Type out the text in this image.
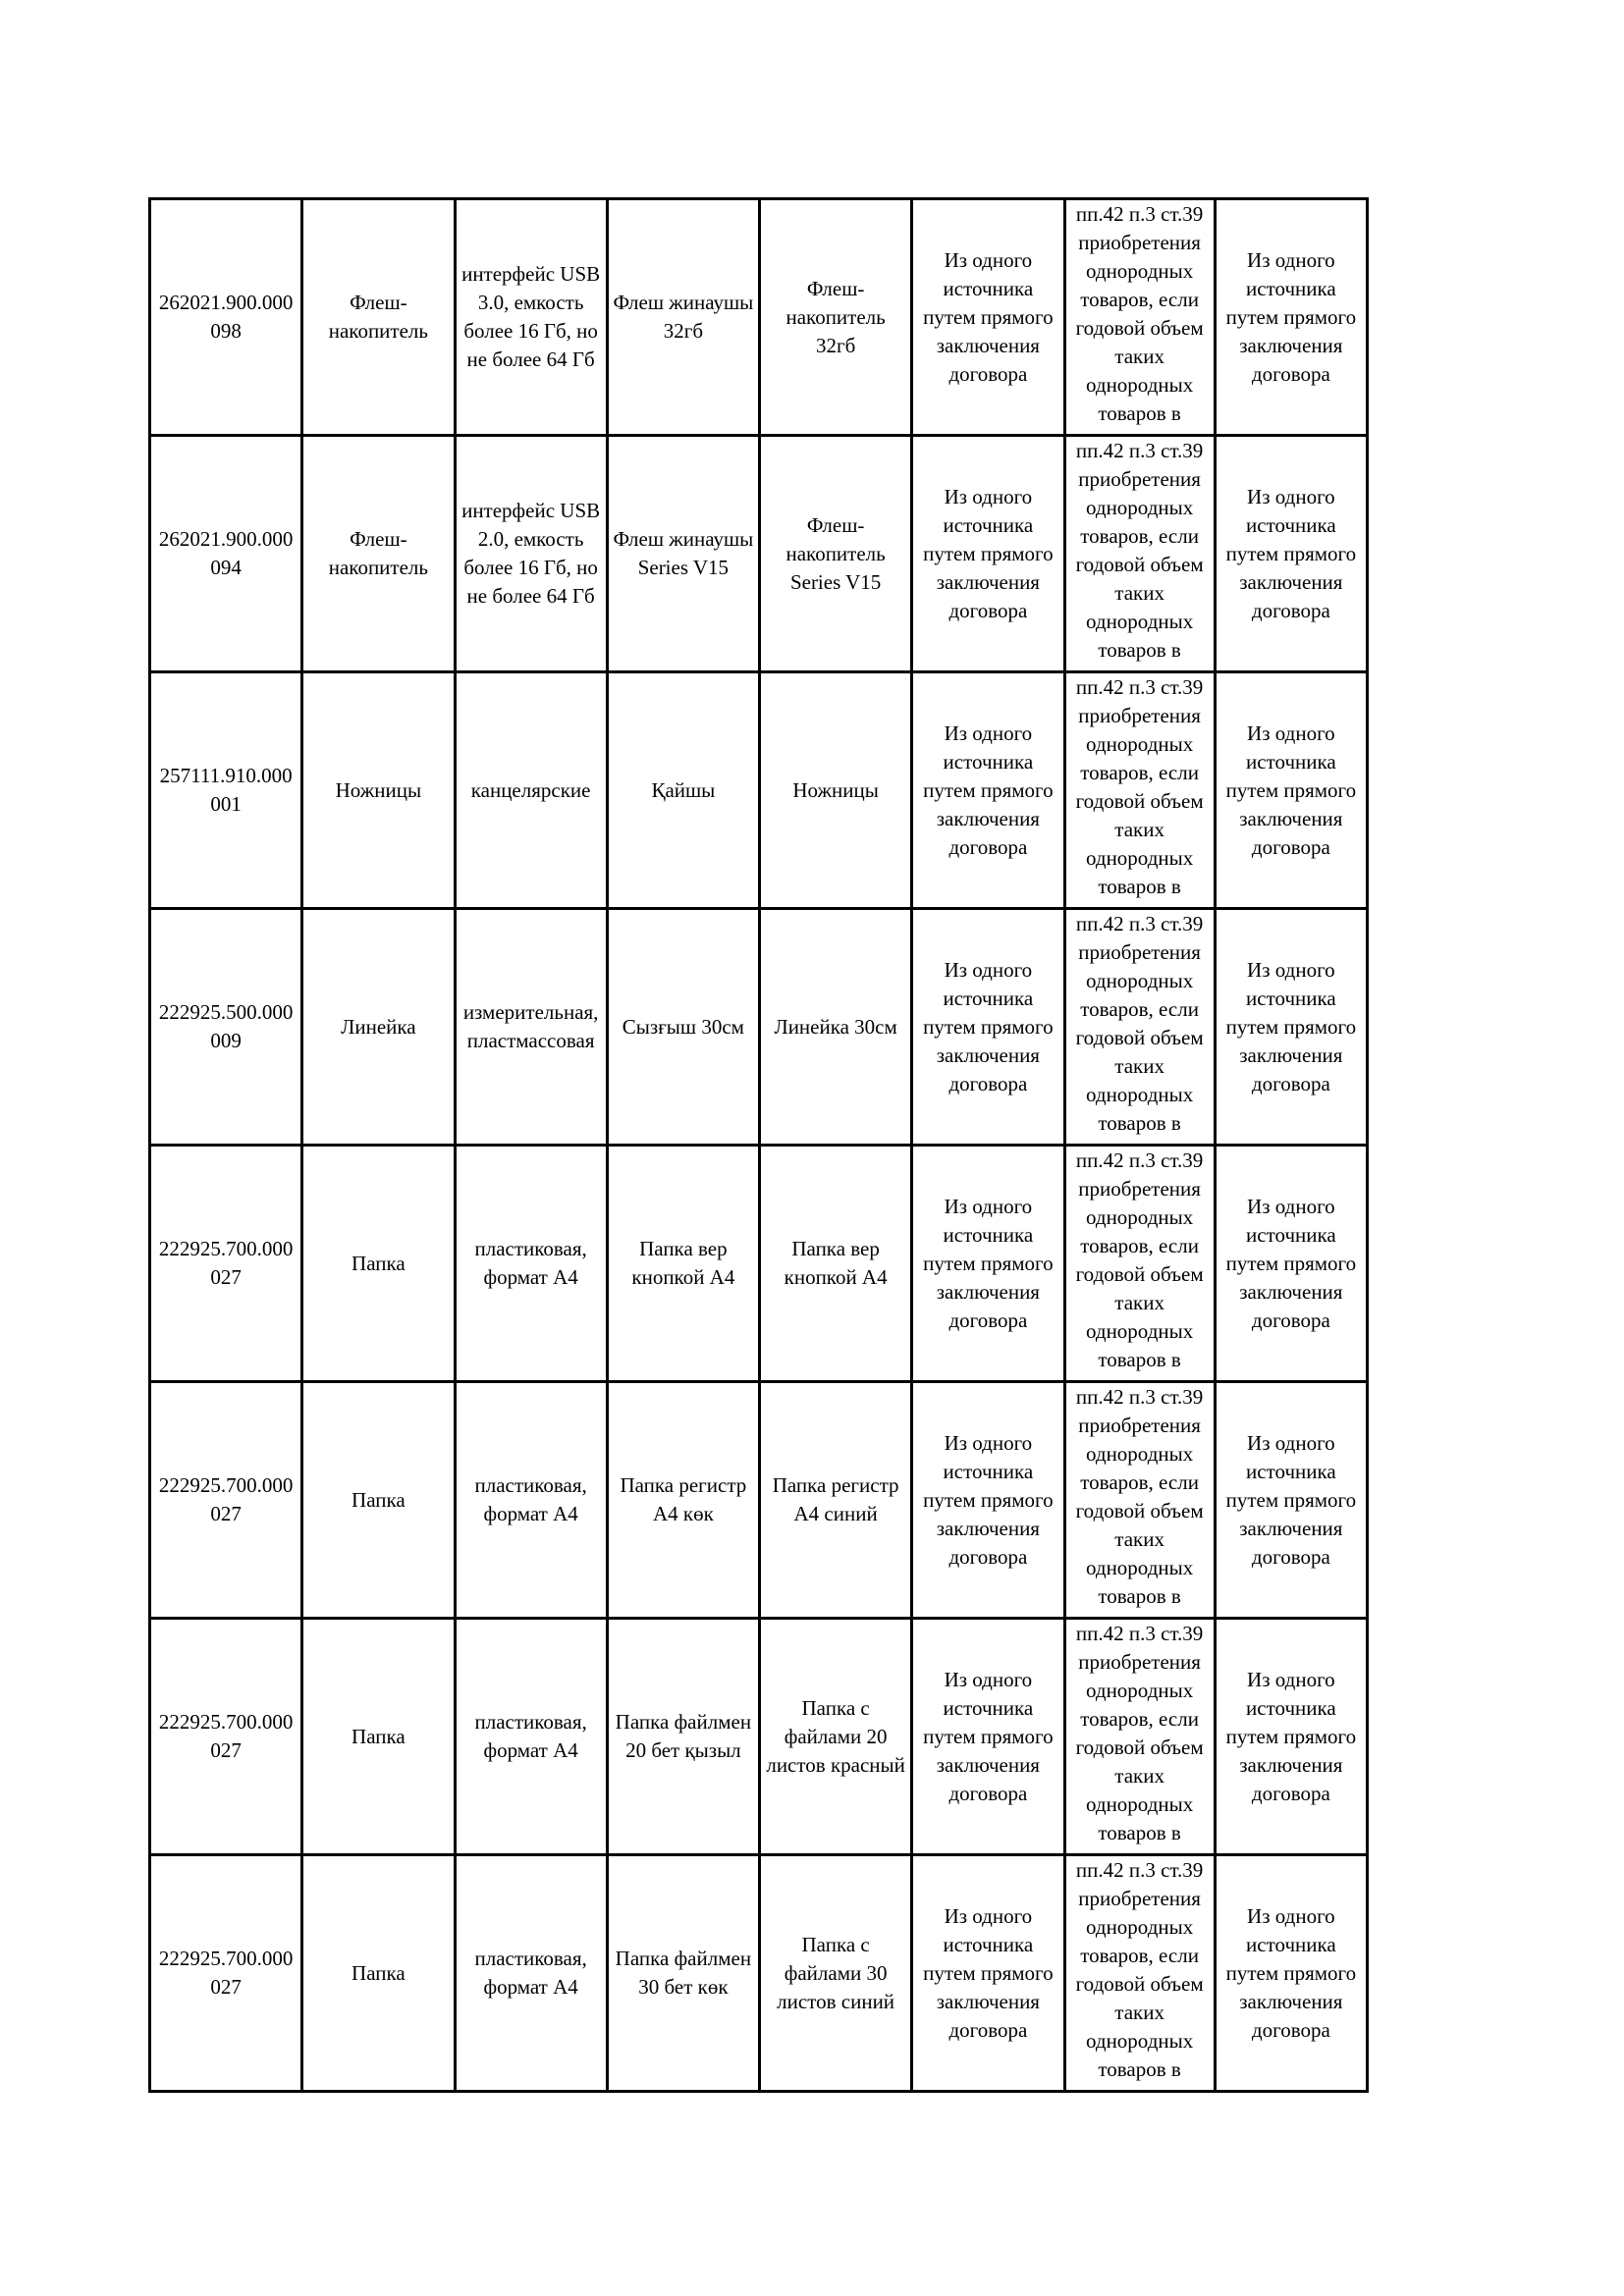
262021.900.000098	Флеш-накопитель	интерфейс USB 3.0, емкость более 16 Гб, но не более 64 Гб	Флеш жинаушы 32гб	Флеш-накопитель 32гб	Из одного источника путем прямого заключения договора	пп.42 п.3 ст.39 приобретения однородных товаров, если годовой объем таких однородных товаров в	Из одного источника путем прямого заключения договора
262021.900.000094	Флеш-накопитель	интерфейс USB 2.0, емкость более 16 Гб, но не более 64 Гб	Флеш жинаушы Series V15	Флеш-накопитель Series V15	Из одного источника путем прямого заключения договора	пп.42 п.3 ст.39 приобретения однородных товаров, если годовой объем таких однородных товаров в	Из одного источника путем прямого заключения договора
257111.910.000001	Ножницы	канцелярские	Қайшы	Ножницы	Из одного источника путем прямого заключения договора	пп.42 п.3 ст.39 приобретения однородных товаров, если годовой объем таких однородных товаров в	Из одного источника путем прямого заключения договора
222925.500.000009	Линейка	измерительная, пластмассовая	Сызғыш 30см	Линейка 30см	Из одного источника путем прямого заключения договора	пп.42 п.3 ст.39 приобретения однородных товаров, если годовой объем таких однородных товаров в	Из одного источника путем прямого заключения договора
222925.700.000027	Папка	пластиковая, формат А4	Папка вер кнопкой А4	Папка вер кнопкой А4	Из одного источника путем прямого заключения договора	пп.42 п.3 ст.39 приобретения однородных товаров, если годовой объем таких однородных товаров в	Из одного источника путем прямого заключения договора
222925.700.000027	Папка	пластиковая, формат А4	Папка регистр А4 көк	Папка регистр А4 синий	Из одного источника путем прямого заключения договора	пп.42 п.3 ст.39 приобретения однородных товаров, если годовой объем таких однородных товаров в	Из одного источника путем прямого заключения договора
222925.700.000027	Папка	пластиковая, формат А4	Папка файлмен 20 бет қызыл	Папка с файлами 20 листов красный	Из одного источника путем прямого заключения договора	пп.42 п.3 ст.39 приобретения однородных товаров, если годовой объем таких однородных товаров в	Из одного источника путем прямого заключения договора
222925.700.000027	Папка	пластиковая, формат А4	Папка файлмен 30 бет көк	Папка с файлами 30 листов синий	Из одного источника путем прямого заключения договора	пп.42 п.3 ст.39 приобретения однородных товаров, если годовой объем таких однородных товаров в	Из одного источника путем прямого заключения договора
